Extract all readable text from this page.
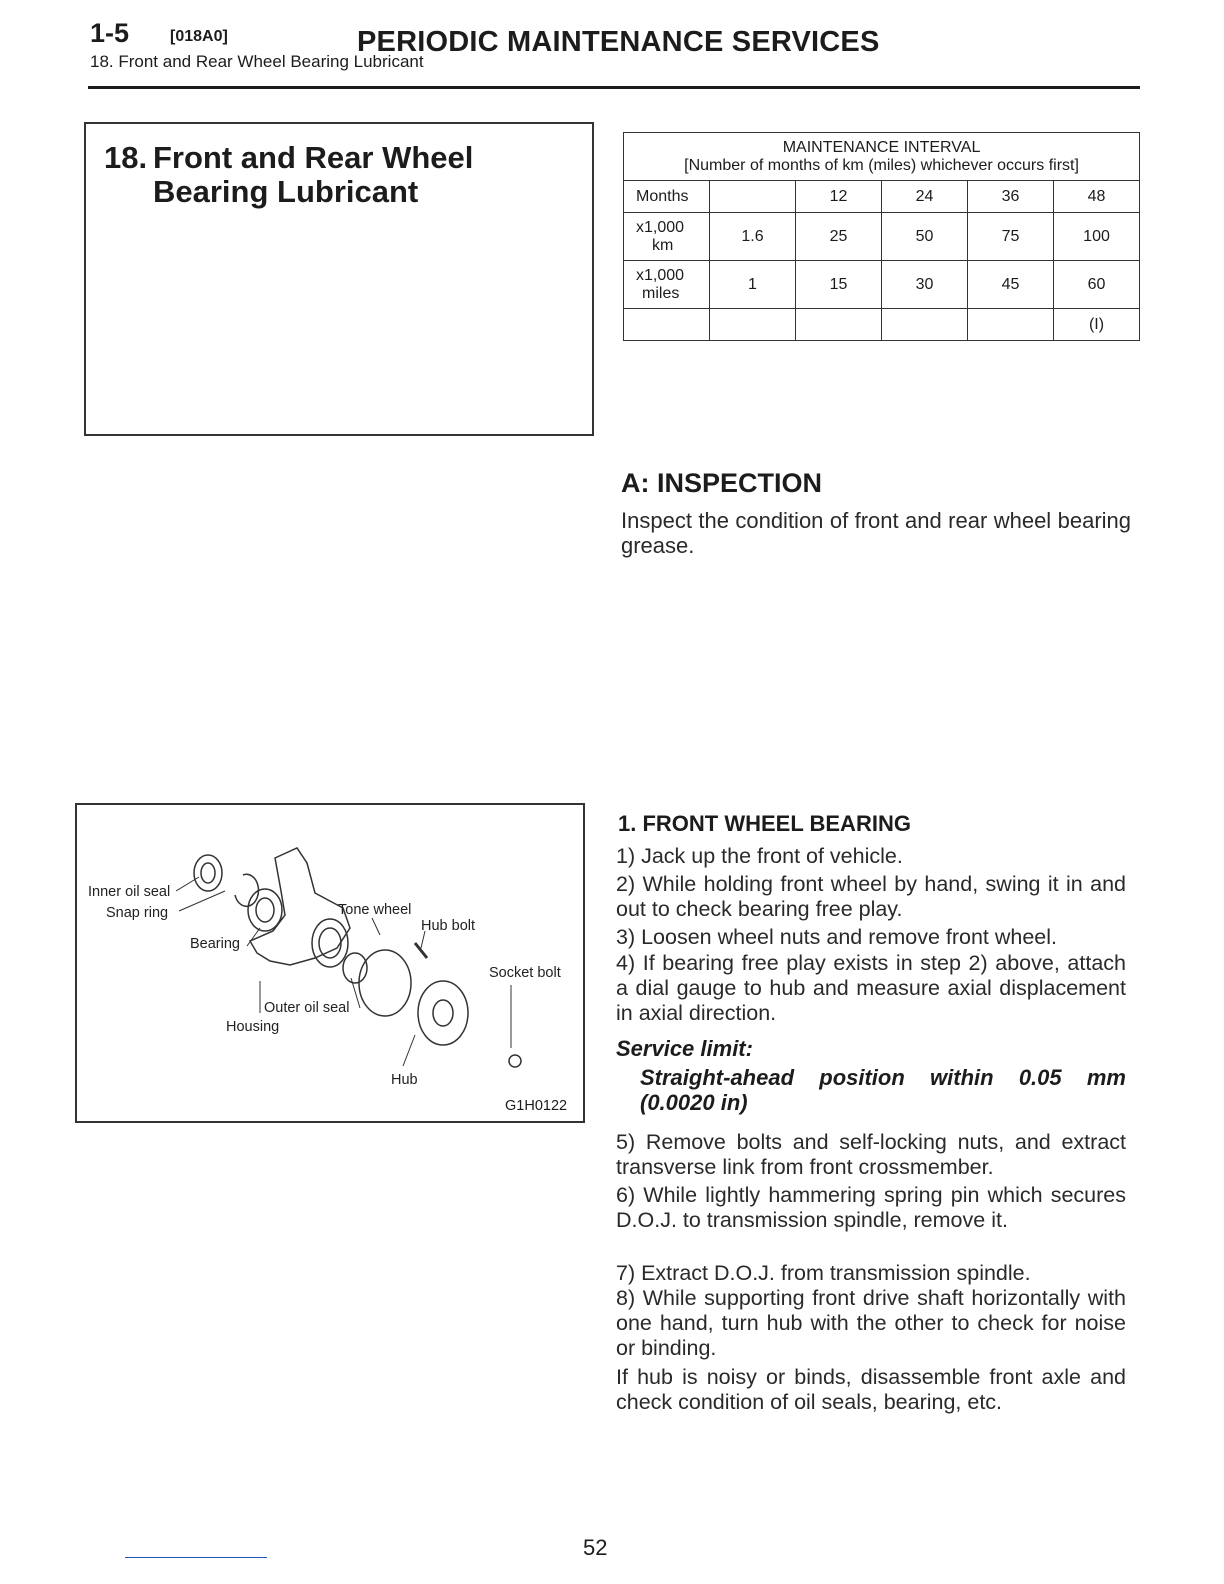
1-5	[018A0]	PERIODIC MAINTENANCE SERVICES
18. Front and Rear Wheel Bearing Lubricant
18. Front and Rear Wheel
Bearing Lubricant
MAINTENANCE INTERVAL
[Number of months of km (miles) whichever occurs first]					

Months		12	24	36	48

x1,000
km	1.6	25	50	75	100

x1,000
miles	1	15	30	45	60
					(I)
A: INSPECTION
Inspect the condition of front and rear wheel bearing grease.
Inner oil seal
Snap ring
Bearing
Tone wheel
Hub bolt
Socket bolt
Outer oil seal
Housing
Hub
G1H0122
1. FRONT WHEEL BEARING
1) Jack up the front of vehicle.
2) While holding front wheel by hand, swing it in and out to check bearing free play.
3) Loosen wheel nuts and remove front wheel.
4) If bearing free play exists in step 2) above, attach a dial gauge to hub and measure axial displacement in axial direction.
Service limit:
Straight-ahead position within 0.05 mm (0.0020 in)
5) Remove bolts and self-locking nuts, and extract transverse link from front crossmember.
6) While lightly hammering spring pin which secures D.O.J. to transmission spindle, remove it.
7) Extract D.O.J. from transmission spindle.
8) While supporting front drive shaft horizontally with one hand, turn hub with the other to check for noise or binding.
If hub is noisy or binds, disassemble front axle and check condition of oil seals, bearing, etc.
52
